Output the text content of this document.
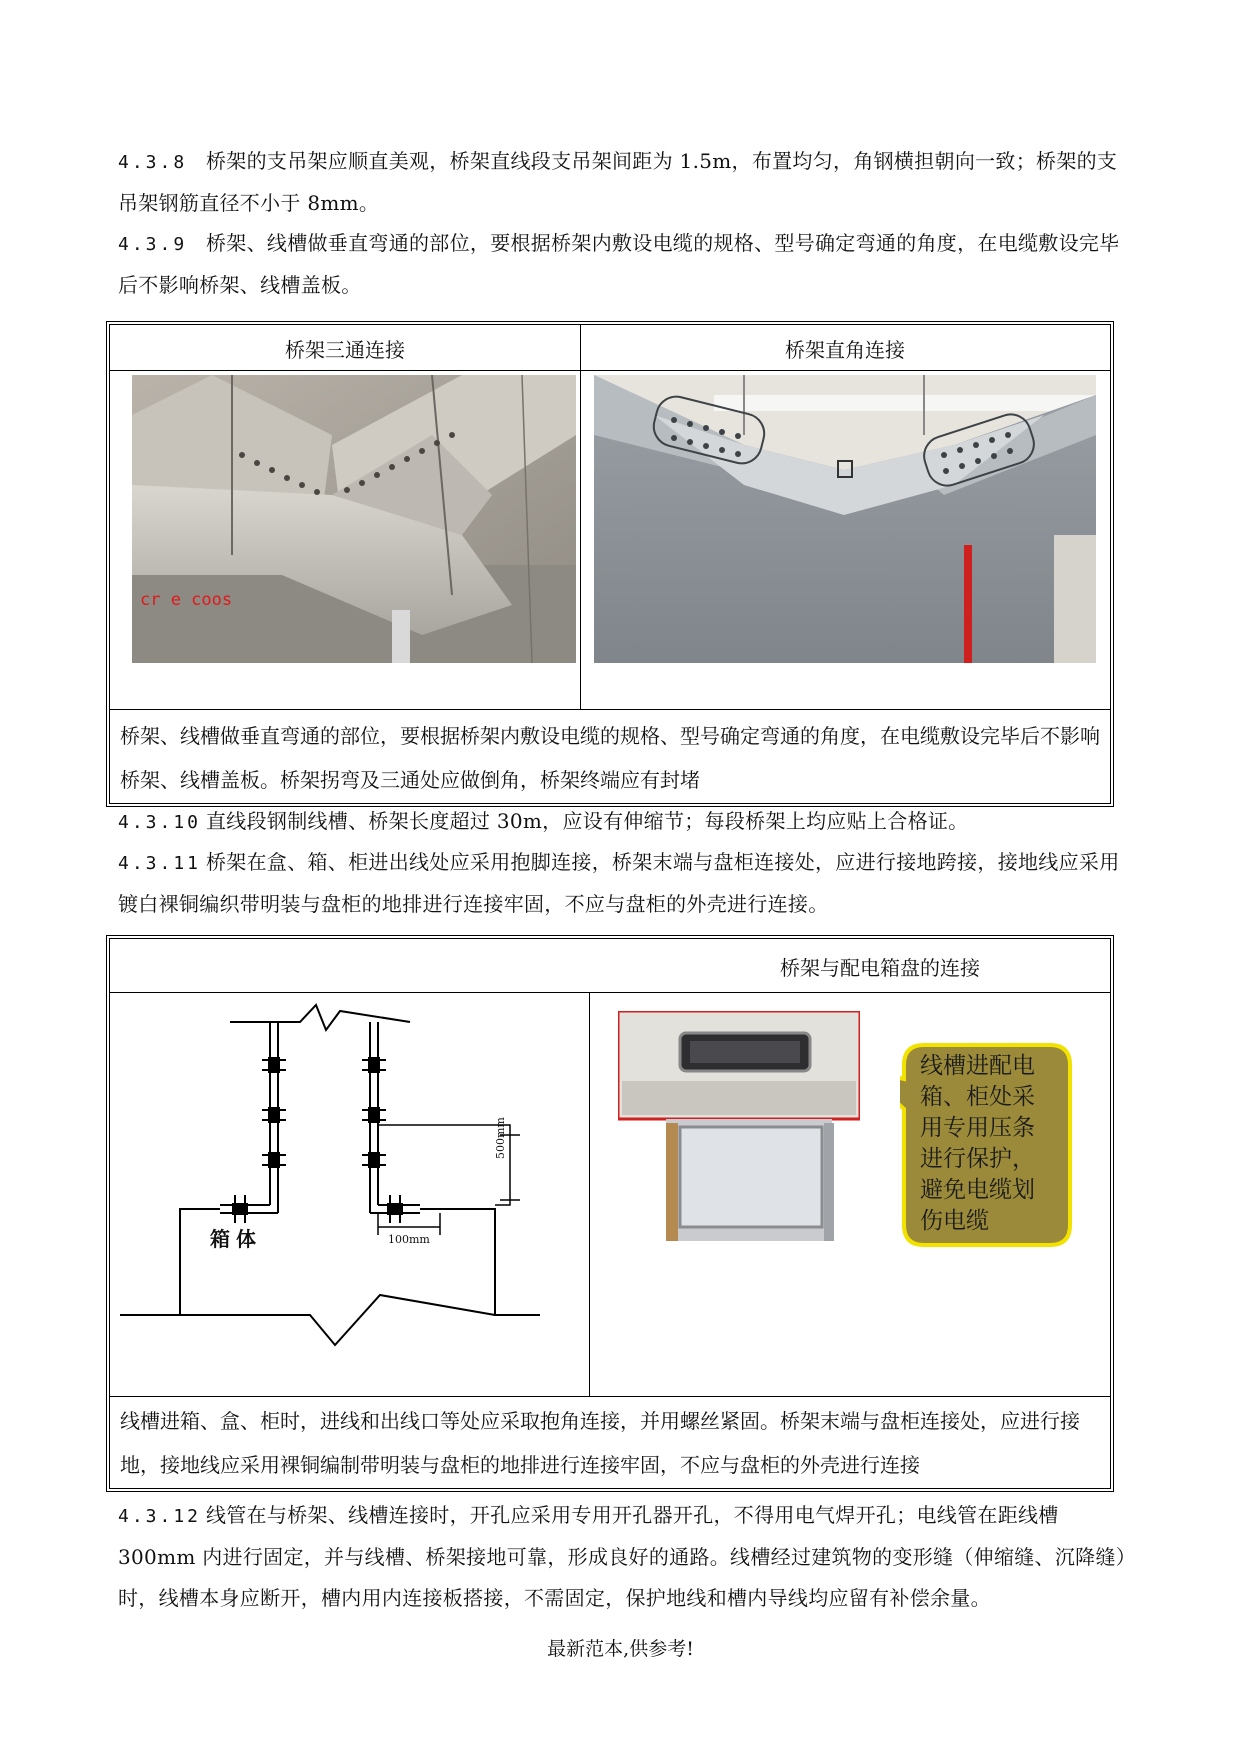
4.3.8 桥架的支吊架应顺直美观，桥架直线段支吊架间距为 1.5m，布置均匀，角钢横担朝向一致；桥架的支吊架钢筋直径不小于 8mm。

4.3.9 桥架、线槽做垂直弯通的部位，要根据桥架内敷设电缆的规格、型号确定弯通的角度，在电缆敷设完毕后不影响桥架、线槽盖板。

桥架三通连接	桥架直角连接
cr e coos

桥架、线槽做垂直弯通的部位，要根据桥架内敷设电缆的规格、型号确定弯通的角度，在电缆敷设完毕后不影响桥架、线槽盖板。桥架拐弯及三通处应做倒角，桥架终端应有封堵

4.3.10 直线段钢制线槽、桥架长度超过 30m，应设有伸缩节；每段桥架上均应贴上合格证。

4.3.11 桥架在盒、箱、柜进出线处应采用抱脚连接，桥架末端与盘柜连接处，应进行接地跨接，接地线应采用镀白裸铜编织带明装与盘柜的地排进行连接牢固，不应与盘柜的外壳进行连接。

桥架与配电箱盘的连接
箱体
500mm
100mm
线槽进配电箱、柜处采用专用压条进行保护，避免电缆划伤电缆

线槽进箱、盒、柜时，进线和出线口等处应采取抱角连接，并用螺丝紧固。桥架末端与盘柜连接处，应进行接地，接地线应采用裸铜编制带明装与盘柜的地排进行连接牢固，不应与盘柜的外壳进行连接

4.3.12 线管在与桥架、线槽连接时，开孔应采用专用开孔器开孔，不得用电气焊开孔；电线管在距线槽 300mm 内进行固定，并与线槽、桥架接地可靠，形成良好的通路。线槽经过建筑物的变形缝（伸缩缝、沉降缝）时，线槽本身应断开，槽内用内连接板搭接，不需固定，保护地线和槽内导线均应留有补偿余量。

最新范本,供参考!
